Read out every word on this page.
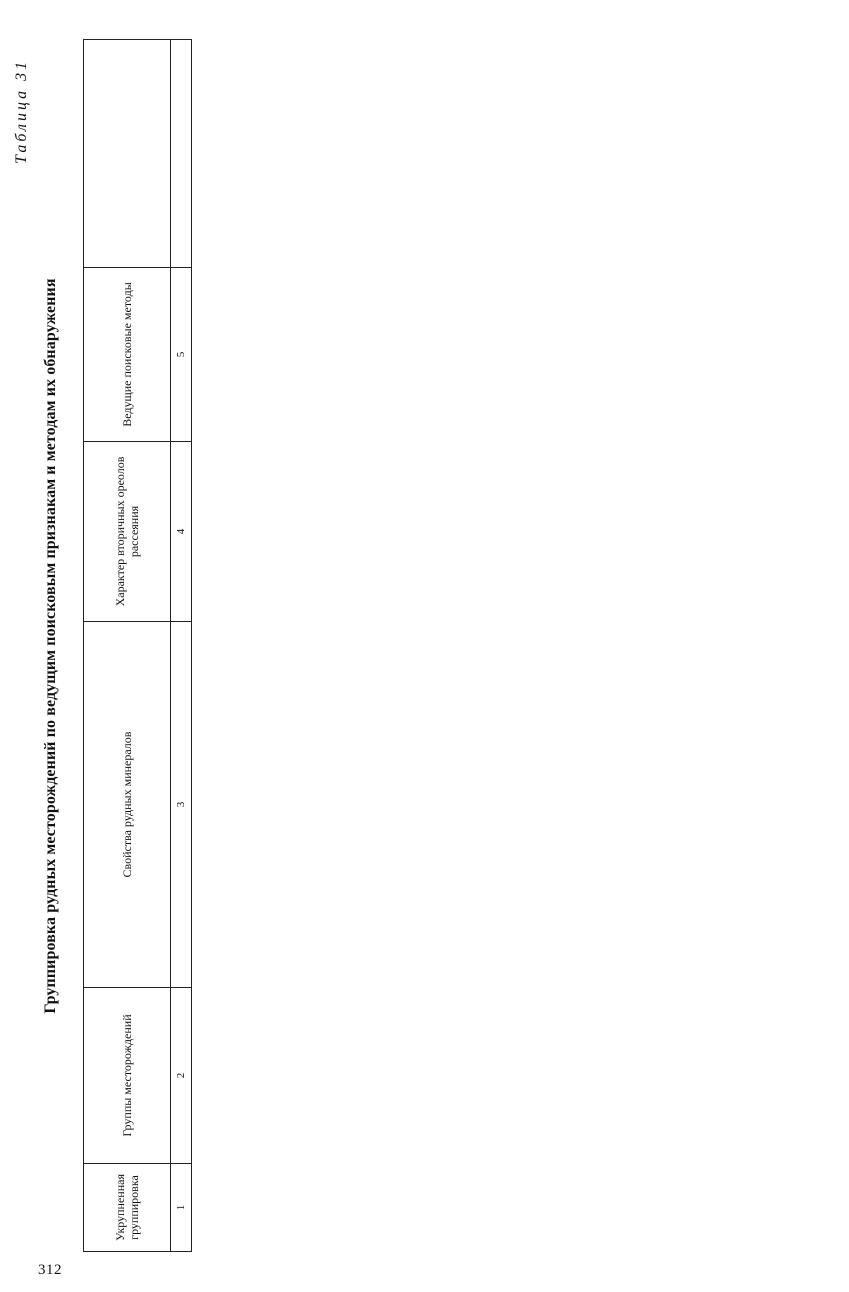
312
Таблица 31
Группировка рудных месторождений по ведущим поисковым признакам и методам их обнаружения
Укрупненная группировка	Группы месторождений	Свойства рудных минералов	Характер вторичных ореолов рассеяния	Ведущие поисковые методы	
1	2	3	4	5	
